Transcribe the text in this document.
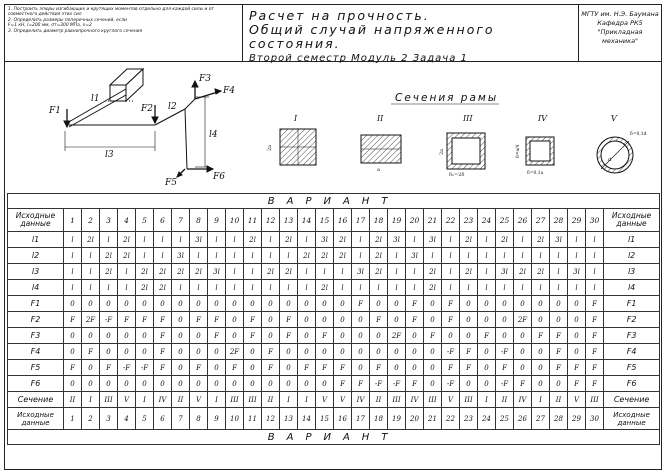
1. Построить эпюры изгибающих и крутящих моментов отдельно для каждой силы и от совместного действия этих сил
2. Определить размеры поперечных сечений, если
F=1 кН, l=200 мм, σт=300 МПа, n=2
3. Определить диаметр равнопрочного круглого сечения
Расчет на прочность.
Общий случай напряженного состояния.
Второй семестр Модуль 2 Задача 1
МГТУ им. Н.Э. Баумана
Кафедра РК5
"Прикладная механика"
F1	F2
F3
F4
F5
F6
l1
l2
l3
l4
Сечения рамы
I
2a
II
a
III
2a
δ₁=2δ
IV
δ=a/4
δ=0,1a
V
d
δ=0,1d
ВАРИАНТ																															
Исходные данные	1	2	3	4	5	6	7	8	9	10	11	12	13	14	15	16	17	18	19	20	21	22	23	24	25	26	27	28	29	30	Исходные данные
l1	l	2l	l	2l	l	l	l	3l	l	l	2l	l	2l	l	3l	2l	l	2l	3l	l	3l	l	2l	l	2l	l	2l	3l	l	l	l1
l2	l	l	2l	2l	l	l	3l	l	l	l	l	l	l	2l	2l	2l	l	2l	l	3l	l	l	l	l	l	l	l	l	l	l	l2
l3	l	l	2l	l	2l	2l	2l	2l	3l	l	l	2l	2l	l	l	l	3l	2l	l	l	2l	l	2l	l	3l	2l	2l	l	3l	l	l3
l4	l	l	l	l	2l	2l	l	l	l	l	l	l	l	l	2l	l	l	l	l	l	2l	l	l	l	l	l	l	l	l	l	l4
F1	0	0	0	0	0	0	0	0	0	0	0	0	0	0	0	0	F	0	0	F	0	F	0	0	0	0	0	0	0	F	F1
F2	F	2F	-F	F	F	F	0	F	F	0	F	0	F	0	0	0	0	F	0	F	0	F	0	0	0	2F	0	0	0	F	F2
F3	0	0	0	0	0	F	0	0	F	0	F	0	F	0	F	0	0	0	2F	0	F	0	0	F	0	0	F	F	0	F	F3
F4	0	F	0	0	0	F	0	0	0	2F	0	F	0	0	0	0	0	0	0	0	0	-F	F	0	-F	0	0	F	0	F	F4
F5	F	0	F	-F	-F	F	0	F	0	F	0	F	0	F	F	F	0	F	0	0	0	F	F	0	F	0	0	F	F	F	F5
F6	0	0	0	0	0	0	0	0	0	0	0	0	0	0	0	F	F	-F	-F	F	0	-F	0	0	-F	F	0	0	F	F	F6
Сечение	II	I	III	V	I	IV	II	V	I	III	III	II	I	I	V	V	IV	II	III	IV	III	V	III	I	II	IV	I	II	V	III	Сечение
Исходные данные	1	2	3	4	5	6	7	8	9	10	11	12	13	14	15	16	17	18	19	20	21	22	23	24	25	26	27	28	29	30	Исходные данные
ВАРИАНТ																															
